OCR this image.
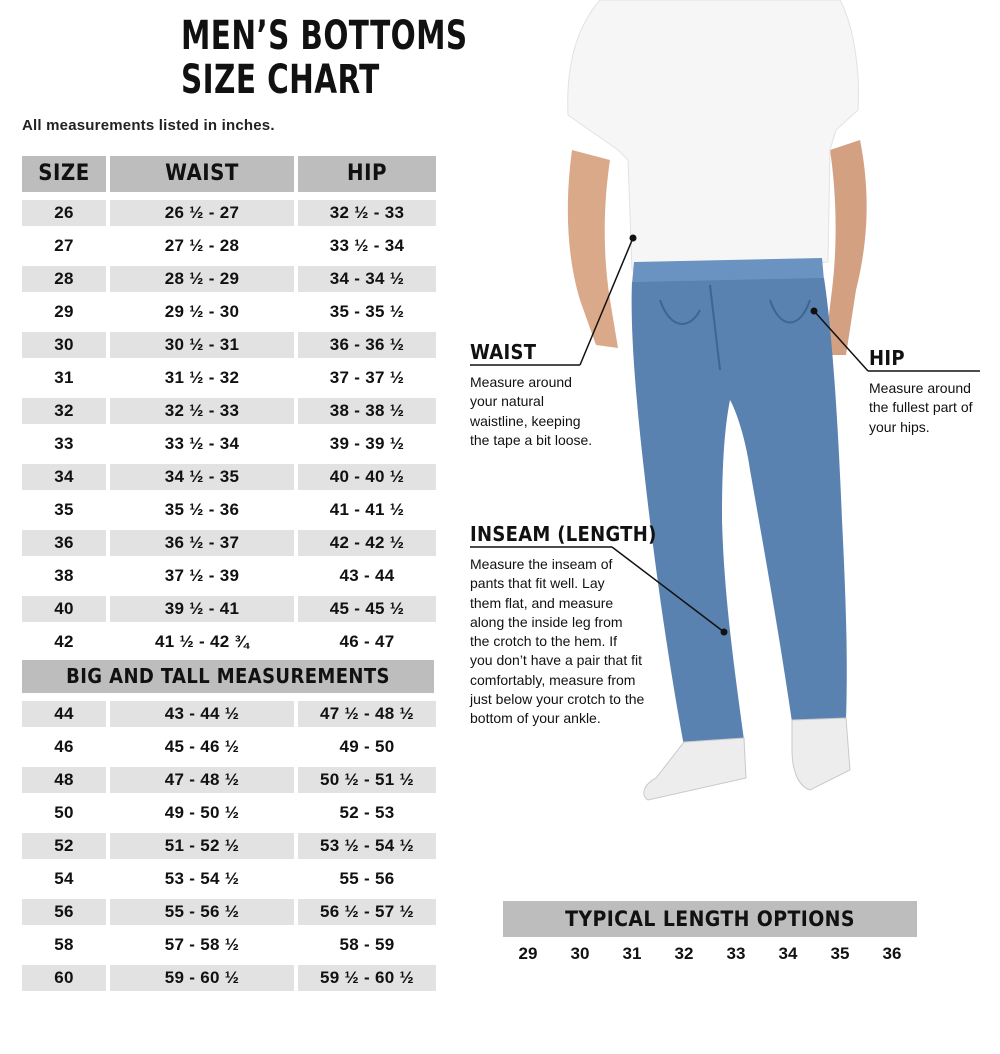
MEN’S BOTTOMS
SIZE CHART
All measurements listed in inches.
SIZE	WAIST	HIP
26	26 ½ - 27	32 ½ - 33
27	27 ½ - 28	33 ½ - 34
28	28 ½ - 29	34 - 34 ½
29	29 ½ - 30	35 - 35 ½
30	30 ½ - 31	36 - 36 ½
31	31 ½ - 32	37 - 37 ½
32	32 ½ - 33	38 - 38 ½
33	33 ½ - 34	39 - 39 ½
34	34 ½ - 35	40 - 40 ½
35	35 ½ - 36	41 - 41 ½
36	36 ½ - 37	42 - 42 ½
38	37 ½ - 39	43 - 44
40	39 ½ - 41	45 - 45 ½
42	41 ½ - 42 ¾	46 - 47
BIG AND TALL MEASUREMENTS
44	43 - 44 ½	47 ½ - 48 ½
46	45 - 46 ½	49 - 50
48	47 - 48 ½	50 ½ - 51 ½
50	49 - 50 ½	52 - 53
52	51 - 52 ½	53 ½ - 54 ½
54	53 - 54 ½	55 - 56
56	55 - 56 ½	56 ½ - 57 ½
58	57 - 58 ½	58 - 59
60	59 - 60 ½	59 ½ - 60 ½
WAIST
Measure around
your natural
waistline, keeping
the tape a bit loose.
HIP
Measure around
the fullest part of
your hips.
INSEAM (LENGTH)
Measure the inseam of
pants that fit well. Lay
them flat, and measure
along the inside leg from
the crotch to the hem. If
you don’t have a pair that fit
comfortably, measure from
just below your crotch to the
bottom of your ankle.
TYPICAL LENGTH OPTIONS
29	30	31	32	33	34	35	36
